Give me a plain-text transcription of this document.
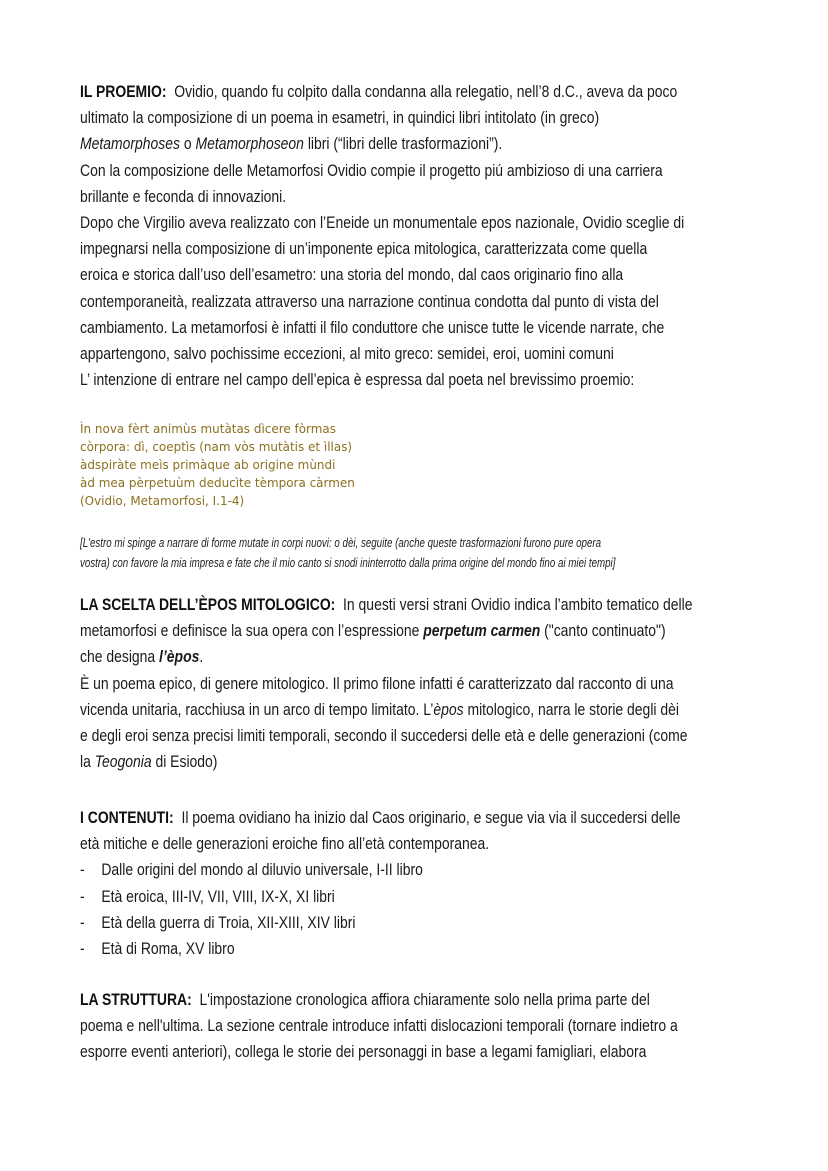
IL PROEMIO:  Ovidio, quando fu colpito dalla condanna alla relegatio, nell’8 d.C., aveva da poco
ultimato la composizione di un poema in esametri, in quindici libri intitolato (in greco)
Metamorphoses o Metamorphoseon libri (“libri delle trasformazioni”).
Con la composizione delle Metamorfosi Ovidio compie il progetto piú ambizioso di una carriera
brillante e feconda di innovazioni.
Dopo che Virgilio aveva realizzato con l’Eneide un monumentale epos nazionale, Ovidio sceglie di
impegnarsi nella composizione di un’imponente epica mitologica, caratterizzata come quella
eroica e storica dall’uso dell’esametro: una storia del mondo, dal caos originario fino alla
contemporaneità, realizzata attraverso una narrazione continua condotta dal punto di vista del
cambiamento. La metamorfosi è infatti il filo conduttore che unisce tutte le vicende narrate, che
appartengono, salvo pochissime eccezioni, al mito greco: semidei, eroi, uomini comuni
L’ intenzione di entrare nel campo dell’epica è espressa dal poeta nel brevissimo proemio:
Ìn nova fèrt animùs mutàtas dìcere fòrmas
còrpora: dì, coeptìs (nam vòs mutàtis et ìllas)
àdspiràte meìs primàque ab origine mùndi
àd mea pèrpetuùm deducìte tèmpora càrmen
(Ovidio, Metamorfosi, I.1-4)
[L'estro mi spinge a narrare di forme mutate in corpi nuovi: o dèi, seguite (anche queste trasformazioni furono pure opera
vostra) con favore la mia impresa e fate che il mio canto si snodi ininterrotto dalla prima origine del mondo fino ai miei tempi]
LA SCELTA DELL’ÈPOS MITOLOGICO:  In questi versi strani Ovidio indica l’ambito tematico delle
metamorfosi e definisce la sua opera con l’espressione perpetum carmen ("canto continuato")
che designa l’èpos.
È un poema epico, di genere mitologico. Il primo filone infatti é caratterizzato dal racconto di una
vicenda unitaria, racchiusa in un arco di tempo limitato. L’èpos mitologico, narra le storie degli dèi
e degli eroi senza precisi limiti temporali, secondo il succedersi delle età e delle generazioni (come
la Teogonia di Esiodo)
I CONTENUTI:  Il poema ovidiano ha inizio dal Caos originario, e segue via via il succedersi delle
età mitiche e delle generazioni eroiche fino all’età contemporanea.
- Dalle origini del mondo al diluvio universale, I-II libro
- Età eroica, III-IV, VII, VIII, IX-X, XI libri
- Età della guerra di Troia, XII-XIII, XIV libri
- Età di Roma, XV libro
LA STRUTTURA:  L'impostazione cronologica affiora chiaramente solo nella prima parte del
poema e nell'ultima. La sezione centrale introduce infatti dislocazioni temporali (tornare indietro a
esporre eventi anteriori), collega le storie dei personaggi in base a legami famigliari, elabora
